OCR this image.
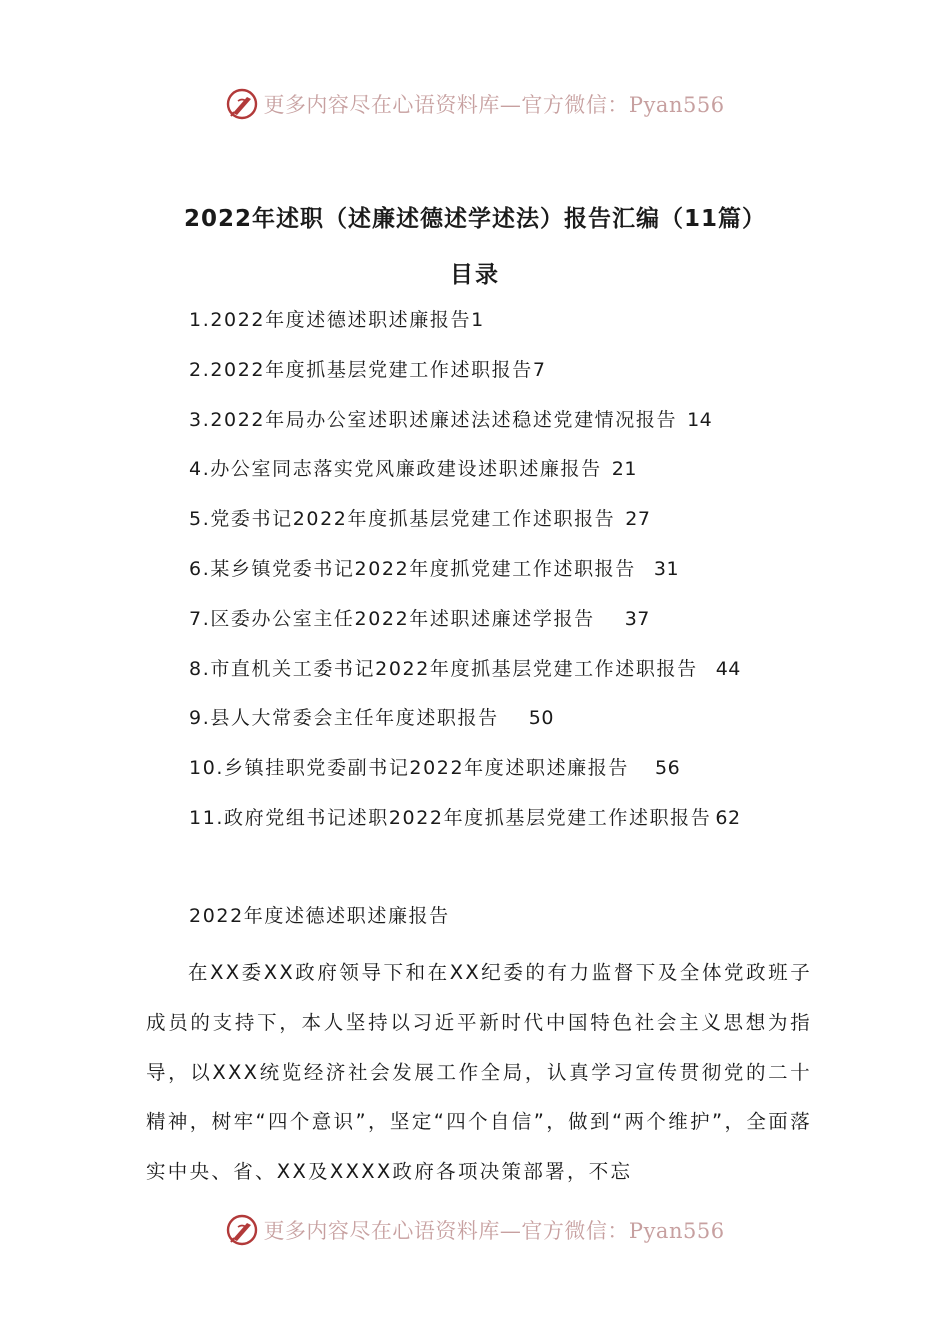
更多内容尽在心语资料库—官方微信：Pyan556
2022年述职（述廉述德述学述法）报告汇编（11篇）
目录
1.2022年度述德述职述廉报告1
2.2022年度抓基层党建工作述职报告7
3.2022年局办公室述职述廉述法述稳述党建情况报告 14
4.办公室同志落实党风廉政建设述职述廉报告 21
5.党委书记2022年度抓基层党建工作述职报告 27
6.某乡镇党委书记2022年度抓党建工作述职报告 31
7.区委办公室主任2022年述职述廉述学报告 37
8.市直机关工委书记2022年度抓基层党建工作述职报告 44
9.县人大常委会主任年度述职报告 50
10.乡镇挂职党委副书记2022年度述职述廉报告 56
11.政府党组书记述职2022年度抓基层党建工作述职报告 62
2022年度述德述职述廉报告

在XX委XX政府领导下和在XX纪委的有力监督下及全体党政班子成员的支持下，本人坚持以习近平新时代中国特色社会主义思想为指导，以XXX统览经济社会发展工作全局，认真学习宣传贯彻党的二十精神，树牢“四个意识”，坚定“四个自信”，做到“两个维护”，全面落实中央、省、XX及XXXX政府各项决策部署，不忘

更多内容尽在心语资料库—官方微信：Pyan556
